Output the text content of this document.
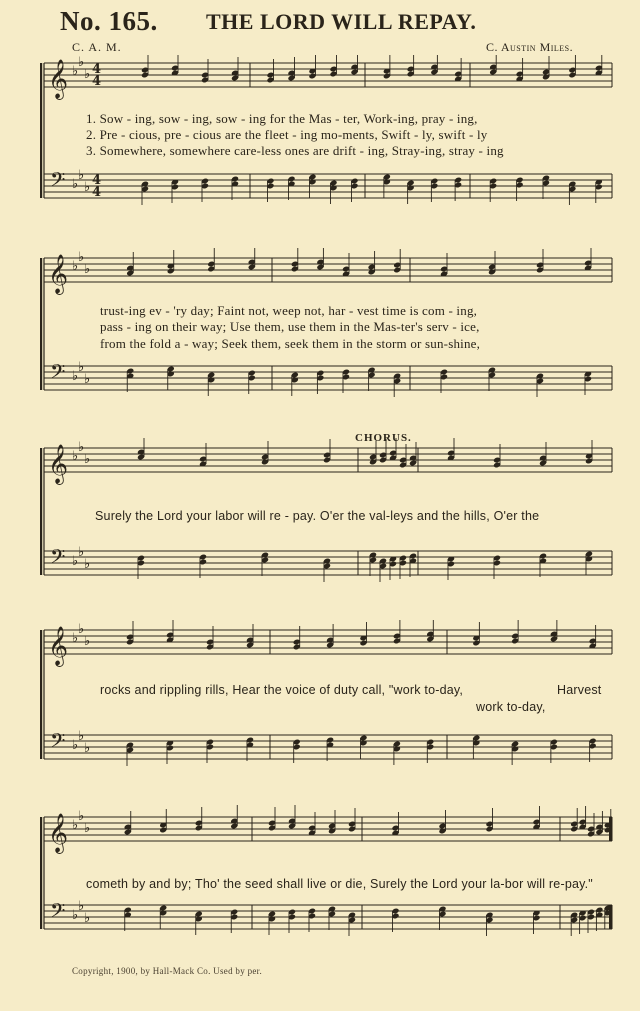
No. 165. THE LORD WILL REPAY.
C. A. M.	C. Austin Miles.
𝄞
𝄢
♭
♭
♭
♭
♭
♭
4
4
4
4
1. Sow - ing, sow - ing, sow - ing for the Mas - ter, Work-ing, pray - ing,
2. Pre - cious, pre - cious are the fleet - ing mo-ments, Swift - ly, swift - ly
3. Somewhere, somewhere care-less ones are drift - ing, Stray-ing, stray - ing
𝄞
𝄢
♭
♭
♭
♭
♭
♭
trust-ing ev - 'ry day; Faint not, weep not, har - vest time is com - ing,
pass - ing on their way; Use them, use them in the Mas-ter's serv - ice,
from the fold a - way; Seek them, seek them in the storm or sun-shine,
CHORUS.
𝄞
𝄢
♭
♭
♭
♭
♭
♭
Surely the Lord your labor will re - pay. O'er the val-leys and the hills, O'er the
𝄞
𝄢
♭
♭
♭
♭
♭
♭
rocks and rippling rills, Hear the voice of duty call, "work to-day,	Harvest
work to-day,
𝄞
𝄢
♭
♭
♭
♭
♭
♭
cometh by and by; Tho' the seed shall live or die, Surely the Lord your la-bor will re-pay."
Copyright, 1900, by Hall-Mack Co. Used by per.
